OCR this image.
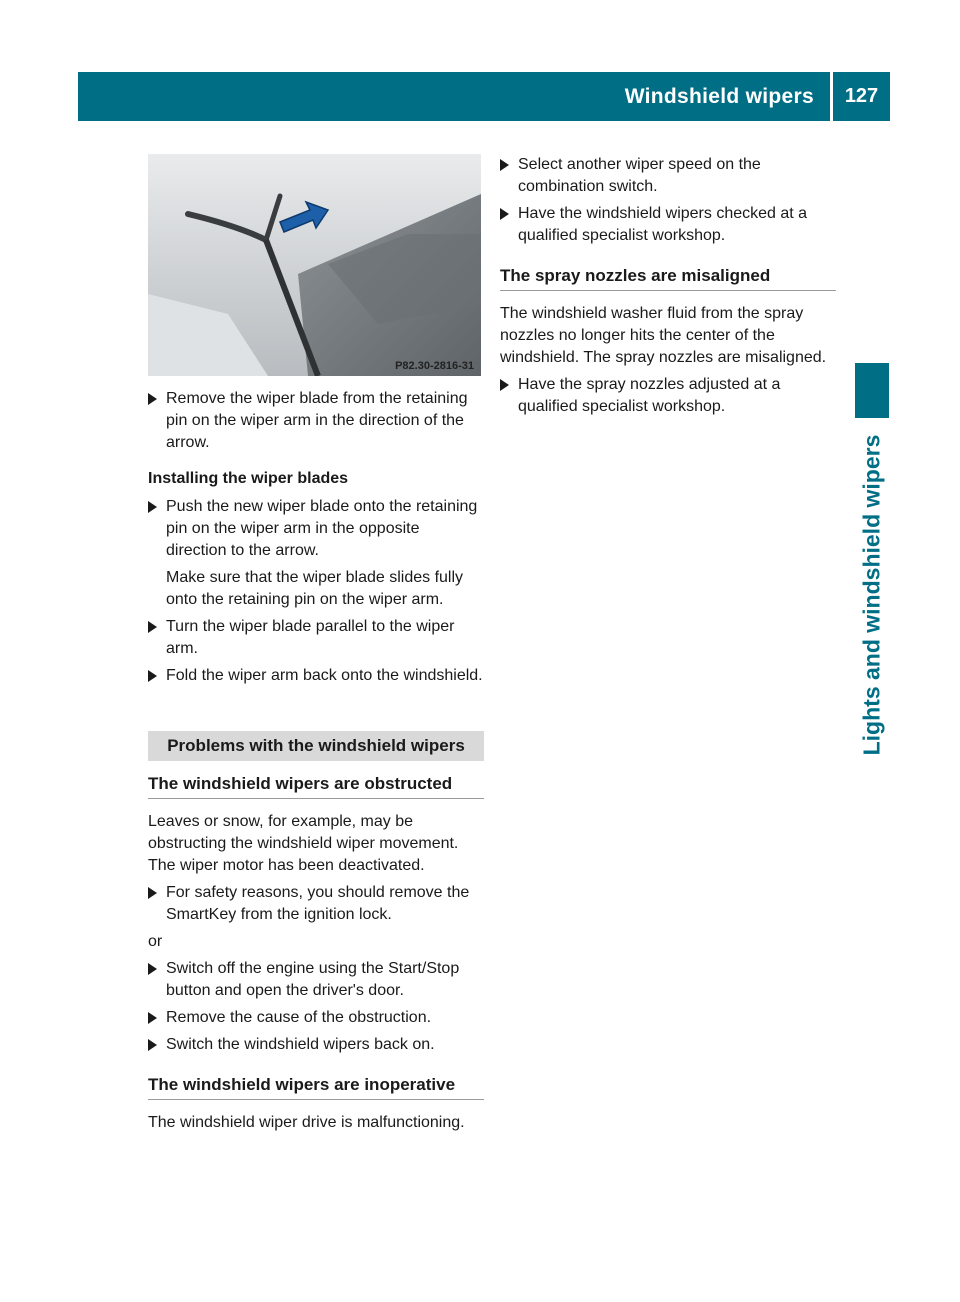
Windshield wipers	127
Lights and windshield wipers
P82.30-2816-31
Remove the wiper blade from the retaining pin on the wiper arm in the direction of the arrow.
Installing the wiper blades
Push the new wiper blade onto the retaining pin on the wiper arm in the opposite direction to the arrow.
Make sure that the wiper blade slides fully onto the retaining pin on the wiper arm.
Turn the wiper blade parallel to the wiper arm.
Fold the wiper arm back onto the windshield.
Problems with the windshield wipers
The windshield wipers are obstructed
Leaves or snow, for example, may be obstructing the windshield wiper movement. The wiper motor has been deactivated.
For safety reasons, you should remove the SmartKey from the ignition lock.
or
Switch off the engine using the Start/Stop button and open the driver's door.
Remove the cause of the obstruction.
Switch the windshield wipers back on.
The windshield wipers are inoperative
The windshield wiper drive is malfunctioning.
Select another wiper speed on the combination switch.
Have the windshield wipers checked at a qualified specialist workshop.
The spray nozzles are misaligned
The windshield washer fluid from the spray nozzles no longer hits the center of the windshield. The spray nozzles are misaligned.
Have the spray nozzles adjusted at a qualified specialist workshop.
